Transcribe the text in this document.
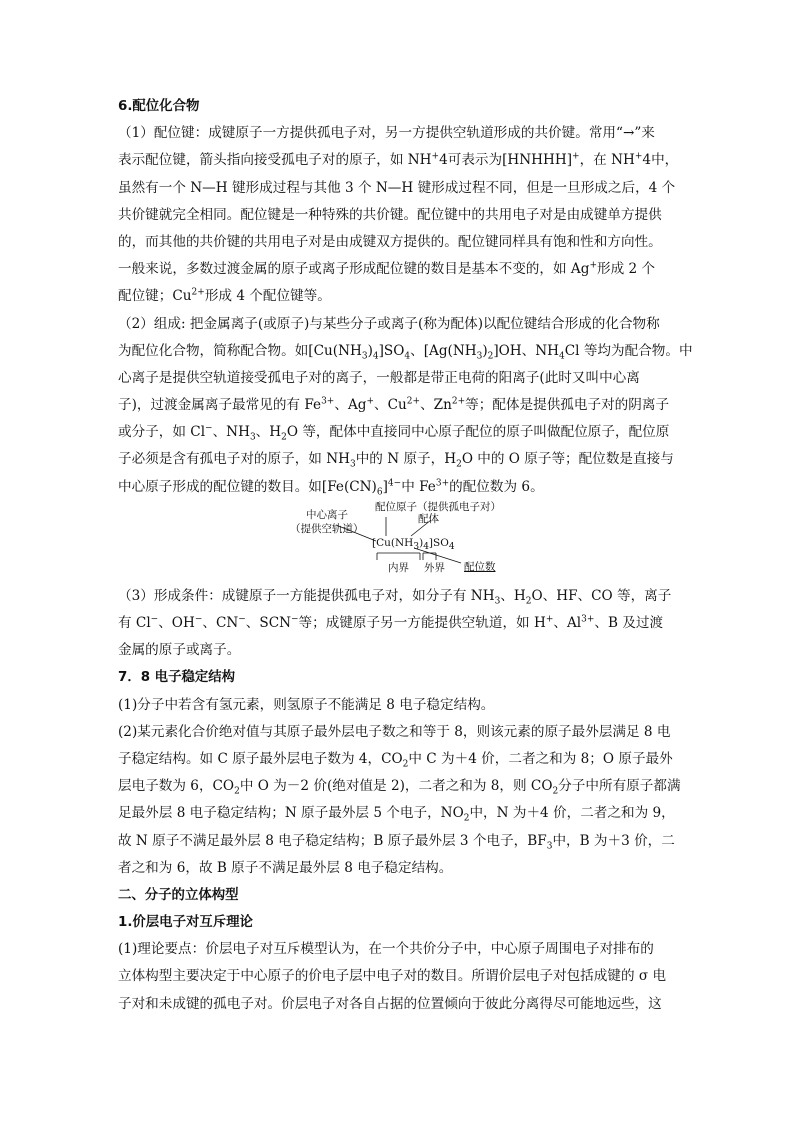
6.配位化合物
（1）配位键：成键原子一方提供孤电子对，另一方提供空轨道形成的共价键。常用“→”来
表示配位键，箭头指向接受孤电子对的原子，如 NH+4可表示为[HNHHH]+，在 NH+4中，
虽然有一个 N—H 键形成过程与其他 3 个 N—H 键形成过程不同，但是一旦形成之后，4 个
共价键就完全相同。配位键是一种特殊的共价键。配位键中的共用电子对是由成键单方提供
的，而其他的共价键的共用电子对是由成键双方提供的。配位键同样具有饱和性和方向性。
一般来说，多数过渡金属的原子或离子形成配位键的数目是基本不变的，如 Ag+形成 2 个
配位键；$Cu^{2+}$形成 4 个配位键等。
（2）组成: 把金属离子(或原子)与某些分子或离子(称为配体)以配位键结合形成的化合物称
为配位化合物，简称配合物。如$[Cu(NH_3)_4]SO_4$、$[Ag(NH_3)_2]OH$、$NH_4Cl$ 等均为配合物。中
心离子是提供空轨道接受孤电子对的离子，一般都是带正电荷的阳离子(此时又叫中心离
子)，过渡金属离子最常见的有 $Fe^{3+}$、Ag+、$Cu^{2+}$、$Zn^{2+}$等；配体是提供孤电子对的阴离子
或分子，如 Cl−、$NH_3$、$H_2O$ 等，配体中直接同中心原子配位的原子叫做配位原子，配位原
子必须是含有孤电子对的原子，如 $NH_3$中的 N 原子，$H_2O$ 中的 O 原子等；配位数是直接与
中心原子形成的配位键的数目。如$[Fe(CN)_6]^{4-}$中 $Fe^{3+}$的配位数为 6。
中心离子
（提供空轨道）
配位原子（提供孤电子对）
配体
$[Cu(NH_3)_4]SO_4$
内界 外界 配位数
（3）形成条件：成键原子一方能提供孤电子对，如分子有 $NH_3$、$H_2O$、HF、CO 等，离子
有 Cl−、OH−、CN−、SCN−等；成键原子另一方能提供空轨道，如 H+、$Al^{3+}$、B 及过渡
金属的原子或离子。
7．8 电子稳定结构
(1)分子中若含有氢元素，则氢原子不能满足 8 电子稳定结构。
(2)某元素化合价绝对值与其原子最外层电子数之和等于 8，则该元素的原子最外层满足 8 电
子稳定结构。如 C 原子最外层电子数为 4，$CO_2$中 C 为＋4 价，二者之和为 8；O 原子最外
层电子数为 6，$CO_2$中 O 为－2 价(绝对值是 2)，二者之和为 8，则 $CO_2$分子中所有原子都满
足最外层 8 电子稳定结构；N 原子最外层 5 个电子，$NO_2$中，N 为＋4 价，二者之和为 9，
故 N 原子不满足最外层 8 电子稳定结构；B 原子最外层 3 个电子，$BF_3$中，B 为＋3 价，二
者之和为 6，故 B 原子不满足最外层 8 电子稳定结构。
二、分子的立体构型
1.价层电子对互斥理论
(1)理论要点：价层电子对互斥模型认为，在一个共价分子中，中心原子周围电子对排布的
立体构型主要决定于中心原子的价电子层中电子对的数目。所谓价层电子对包括成键的 σ 电
子对和未成键的孤电子对。价层电子对各自占据的位置倾向于彼此分离得尽可能地远些，这
